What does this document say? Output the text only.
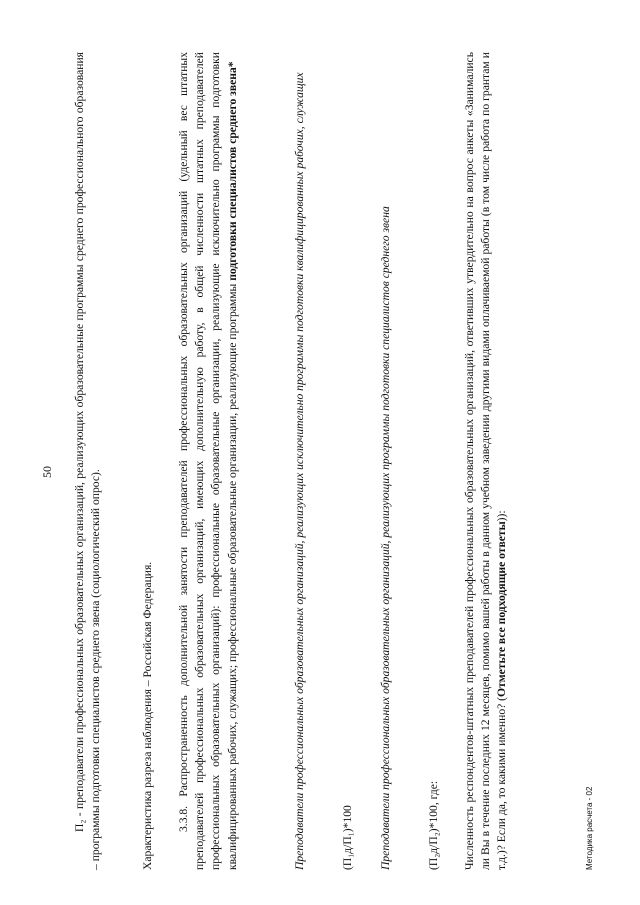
П₂ - преподаватели профессиональных образовательных организаций, реализующих образовательные программы среднего профессионального образования – программы подготовки специалистов среднего звена (социологический опрос).	Характеристика разреза наблюдения – Российская Федерация. 3.3.8. Распространенность дополнительной занятости преподавателей профессиональных образовательных организаций (удельный вес штатных преподавателей профессиональных образовательных организаций, имеющих дополнительную работу, в общей численности штатных преподавателей профессиональных образовательных организаций): профессиональные образовательные организации, реализующие исключительно программы подготовки квалифицированных рабочих, служащих; профессиональные образовательные организации, реализующие программы подготовки специалистов среднего звена*	Преподаватели профессиональных образовательных организаций, реализующих исключительно программы подготовки квалифицированных рабочих, служащих	(П₁д/П₁)*100 Преподаватели профессиональных образовательных организаций, реализующих программы подготовки специалистов среднего звена	(П₂д/П₂)*100, где: Численность респондентов-штатных преподавателей профессиональных образовательных организаций, ответивших утвердительно на вопрос анкеты «Занимались ли Вы в течение последних 12 месяцев, помимо вашей работы в данном учебном заведении другими видами оплачиваемой работы (в том числе работа по грантам и т.д.)? Если да, то какими именно? (Отметьте все подходящие ответы)):
50
Методика расчета - 02
